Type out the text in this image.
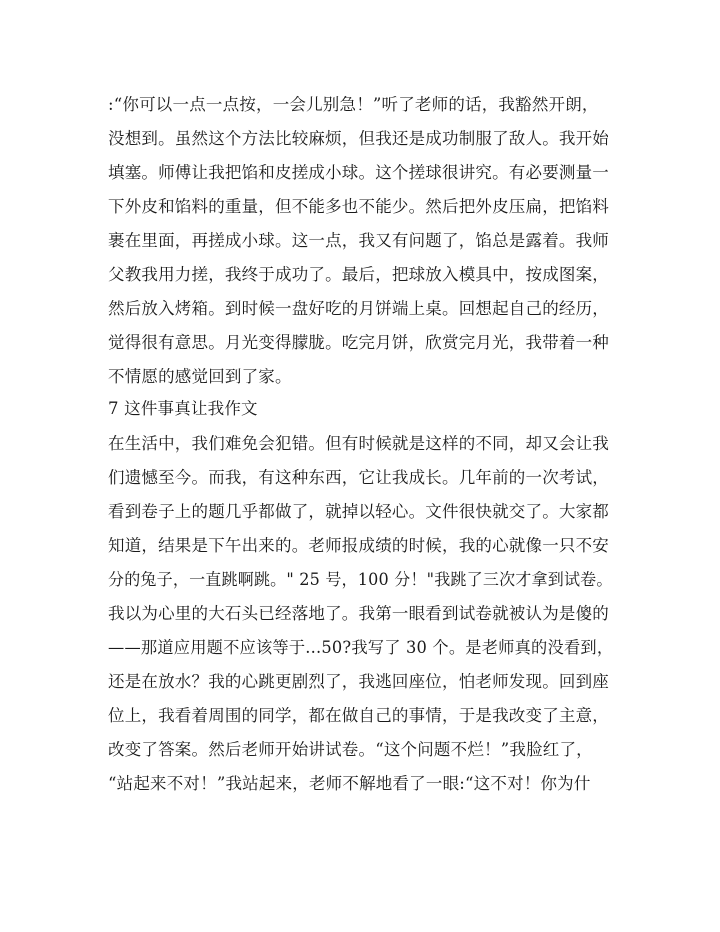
:“你可以一点一点按，一会儿别急！”听了老师的话，我豁然开朗，
没想到。虽然这个方法比较麻烦，但我还是成功制服了敌人。我开始
填塞。师傅让我把馅和皮搓成小球。这个搓球很讲究。有必要测量一
下外皮和馅料的重量，但不能多也不能少。然后把外皮压扁，把馅料
裹在里面，再搓成小球。这一点，我又有问题了，馅总是露着。我师
父教我用力搓，我终于成功了。最后，把球放入模具中，按成图案，
然后放入烤箱。到时候一盘好吃的月饼端上桌。回想起自己的经历，
觉得很有意思。月光变得朦胧。吃完月饼，欣赏完月光，我带着一种
不情愿的感觉回到了家。
7 这件事真让我作文
在生活中，我们难免会犯错。但有时候就是这样的不同，却又会让我
们遗憾至今。而我，有这种东西，它让我成长。几年前的一次考试，
看到卷子上的题几乎都做了，就掉以轻心。文件很快就交了。大家都
知道，结果是下午出来的。老师报成绩的时候，我的心就像一只不安
分的兔子，一直跳啊跳。" 25 号，100 分！"我跳了三次才拿到试卷。
我以为心里的大石头已经落地了。我第一眼看到试卷就被认为是傻的
——那道应用题不应该等于...50?我写了 30 个。是老师真的没看到，
还是在放水？我的心跳更剧烈了，我逃回座位，怕老师发现。回到座
位上，我看着周围的同学，都在做自己的事情，于是我改变了主意，
改变了答案。然后老师开始讲试卷。“这个问题不烂！”我脸红了，
“站起来不对！”我站起来，老师不解地看了一眼:“这不对！你为什
